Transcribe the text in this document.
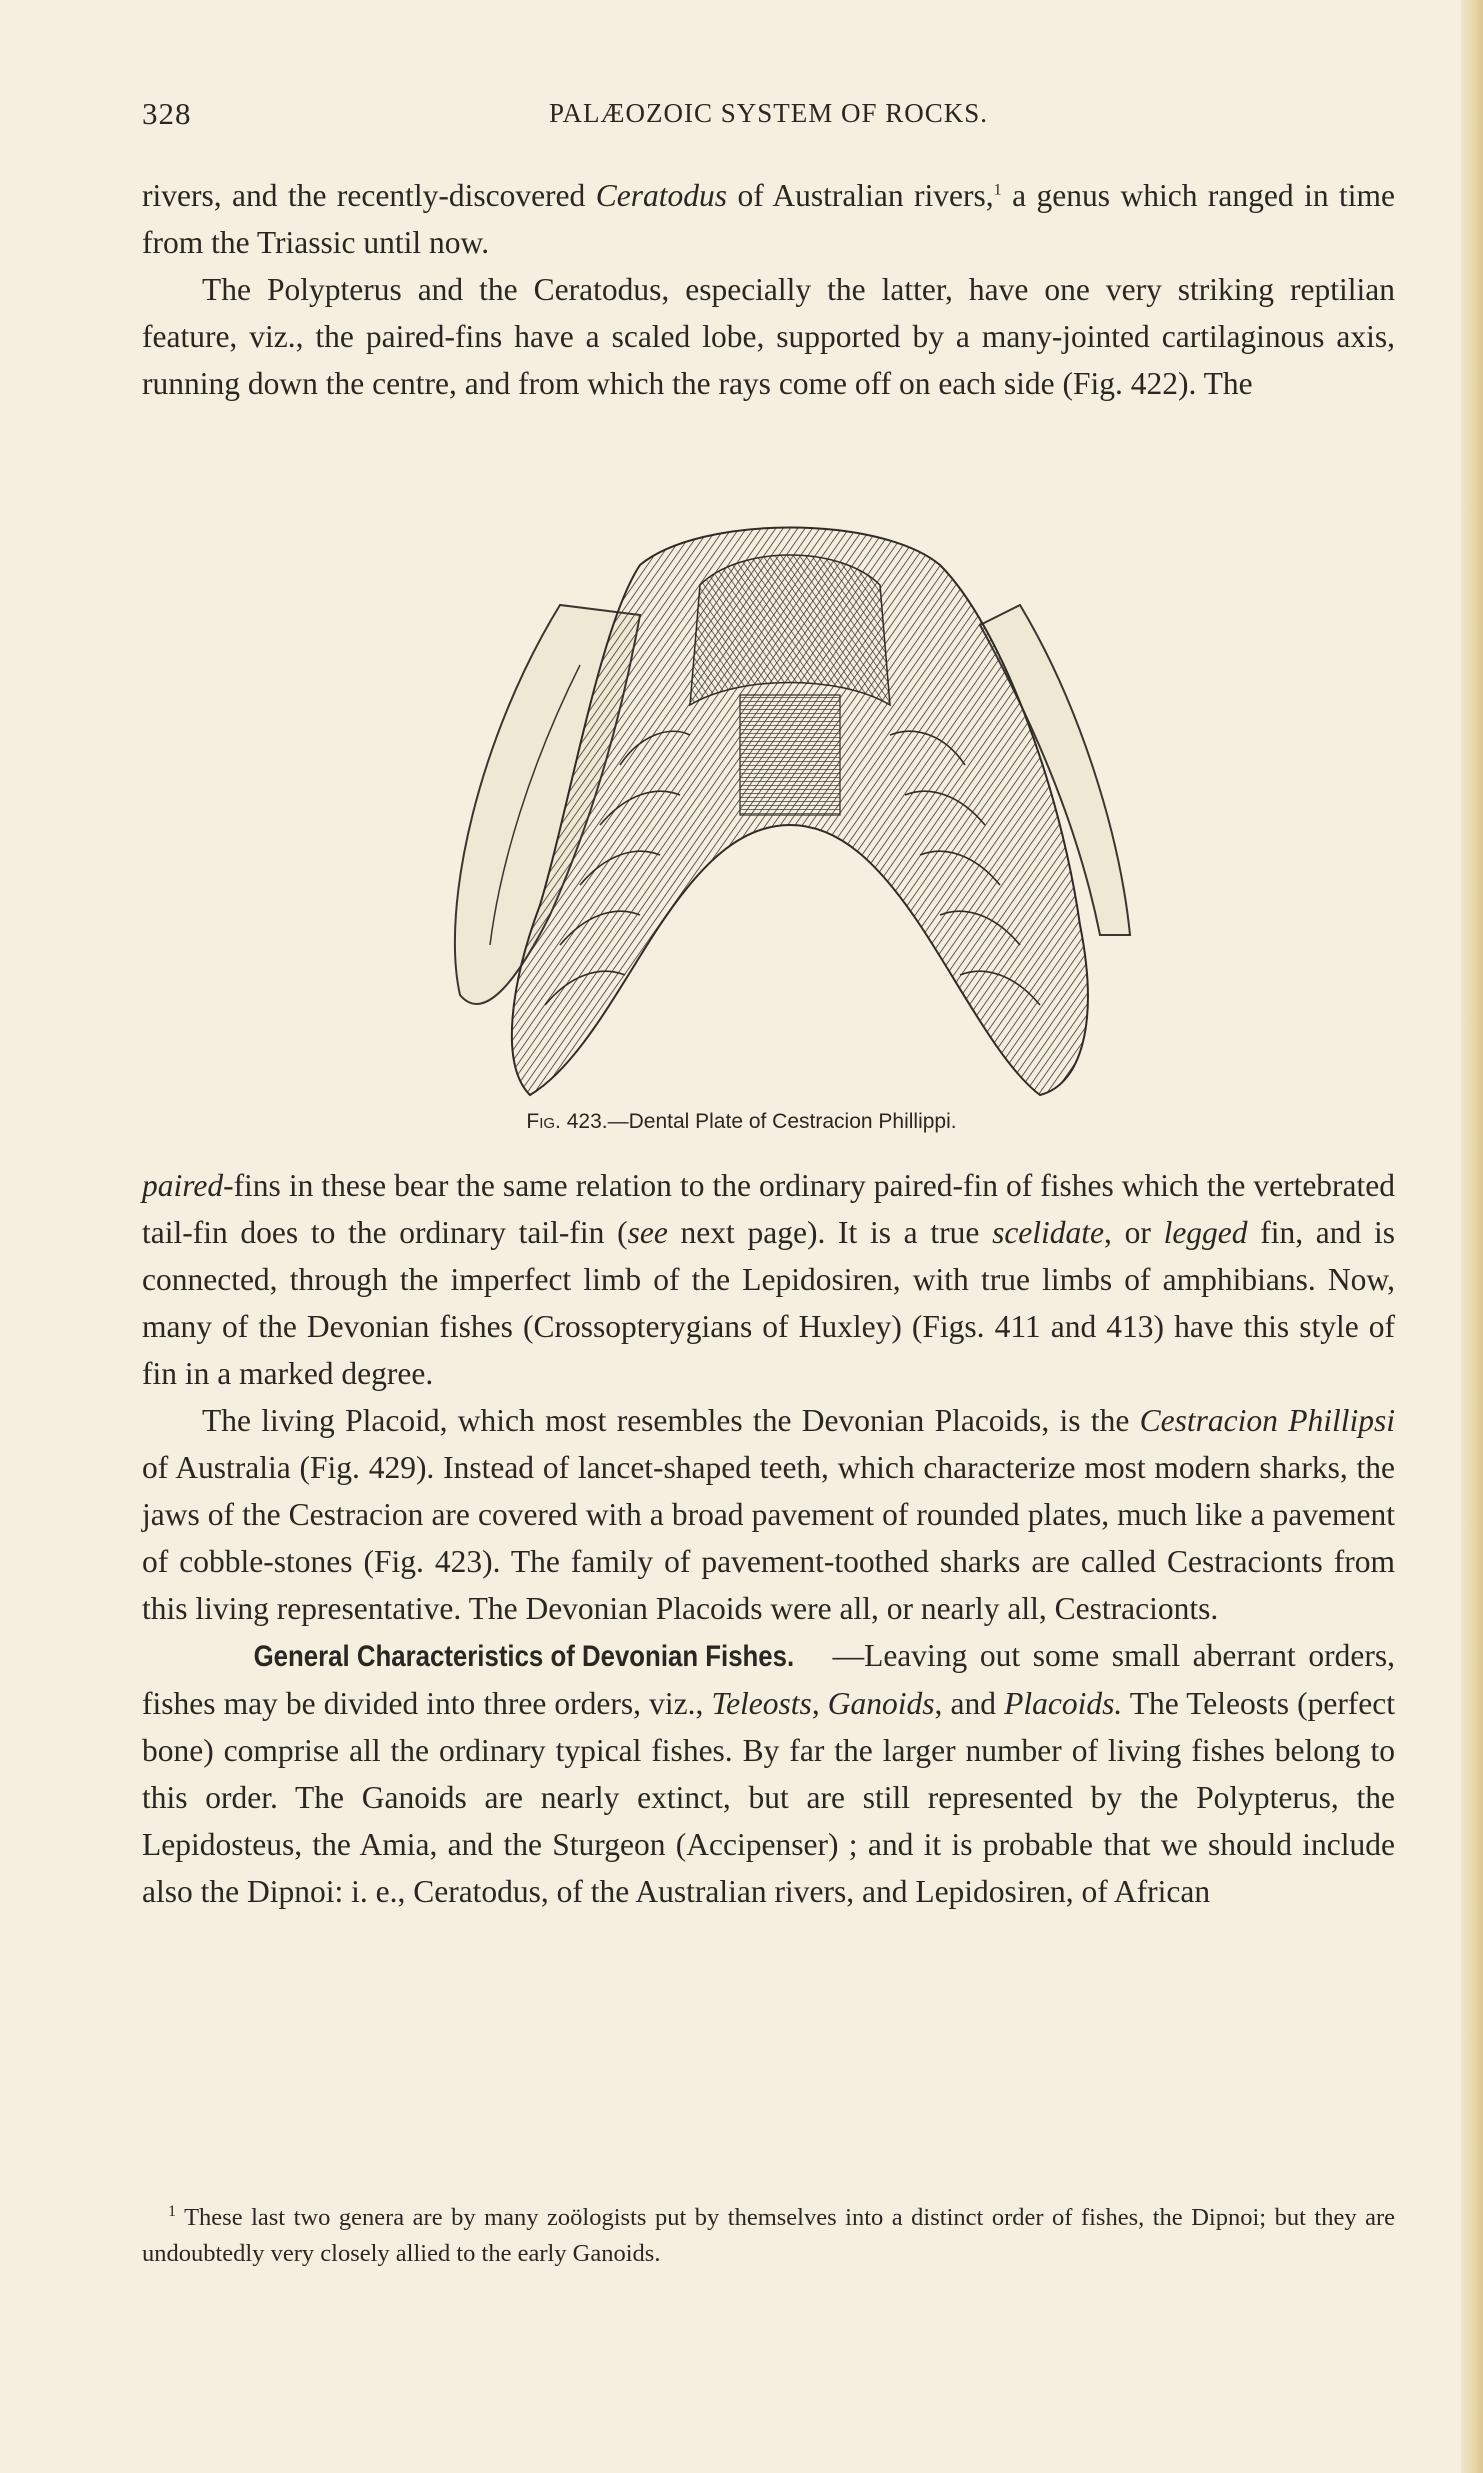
328	PALÆOZOIC SYSTEM OF ROCKS.

rivers, and the recently-discovered Ceratodus of Australian rivers,$^1$ a genus which ranged in time from the Triassic until now.

The Polypterus and the Ceratodus, especially the latter, have one very striking reptilian feature, viz., the paired-fins have a scaled lobe, supported by a many-jointed cartilaginous axis, running down the centre, and from which the rays come off on each side (Fig. 422). The

Fig. 423.—Dental Plate of Cestracion Phillippi.

paired-fins in these bear the same relation to the ordinary paired-fin of fishes which the vertebrated tail-fin does to the ordinary tail-fin (see next page). It is a true scelidate, or legged fin, and is connected, through the imperfect limb of the Lepidosiren, with true limbs of amphibians. Now, many of the Devonian fishes (Crossopterygians of Huxley) (Figs. 411 and 413) have this style of fin in a marked degree.

The living Placoid, which most resembles the Devonian Placoids, is the Cestracion Phillipsi of Australia (Fig. 429). Instead of lancet-shaped teeth, which characterize most modern sharks, the jaws of the Cestracion are covered with a broad pavement of rounded plates, much like a pavement of cobble-stones (Fig. 423). The family of pavement-toothed sharks are called Cestracionts from this living representative. The Devonian Placoids were all, or nearly all, Cestracionts.

General Characteristics of Devonian Fishes. —Leaving out some small aberrant orders, fishes may be divided into three orders, viz., Teleosts, Ganoids, and Placoids. The Teleosts (perfect bone) comprise all the ordinary typical fishes. By far the larger number of living fishes belong to this order. The Ganoids are nearly extinct, but are still represented by the Polypterus, the Lepidosteus, the Amia, and the Sturgeon (Accipenser) ; and it is probable that we should include also the Dipnoi: i. e., Ceratodus, of the Australian rivers, and Lepidosiren, of African

$^1$ These last two genera are by many zoölogists put by themselves into a distinct order of fishes, the Dipnoi; but they are undoubtedly very closely allied to the early Ganoids.
